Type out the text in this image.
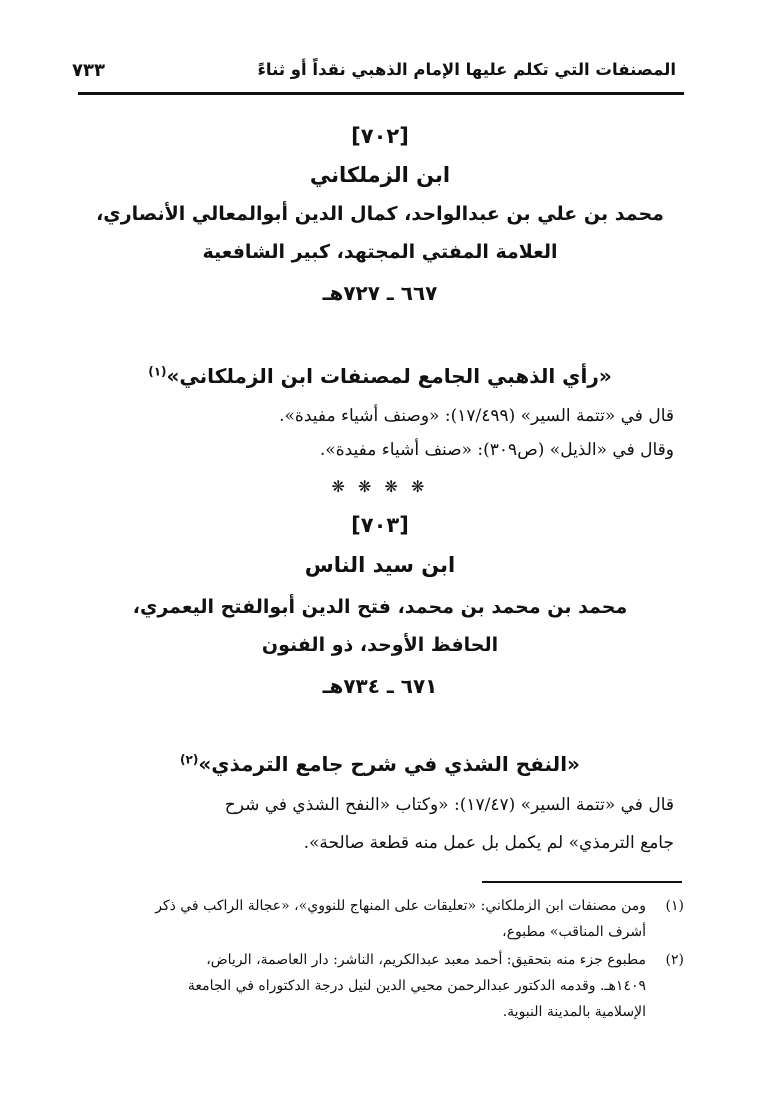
المصنفات التي تكلم عليها الإمام الذهبي نقداً أو ثناءً
٧٣٣
[٧٠٢]
ابن الزملكاني
محمد بن علي بن عبدالواحد، كمال الدين أبوالمعالي الأنصاري،
العلامة المفتي المجتهد، كبير الشافعية
٦٦٧ ـ ٧٢٧هـ
«رأي الذهبي الجامع لمصنفات ابن الزملكاني»$^{(١)}$
قال في «تتمة السير» (١٧/٤٩٩): «وصنف أشياء مفيدة».
وقال في «الذيل» (ص٣٠٩): «صنف أشياء مفيدة».
❋ ❋ ❋ ❋
[٧٠٣]
ابن سيد الناس
محمد بن محمد بن محمد، فتح الدين أبوالفتح اليعمري،
الحافظ الأوحد، ذو الفنون
٦٧١ ـ ٧٣٤هـ
«النفح الشذي في شرح جامع الترمذي»$^{(٢)}$
قال في «تتمة السير» (١٧/٤٧): «وكتاب «النفح الشذي في شرح
جامع الترمذي» لم يكمل بل عمل منه قطعة صالحة».
(١)
ومن مصنفات ابن الزملكاني: «تعليقات على المنهاج للنووي»، «عجالة الراكب في ذكر
أشرف المناقب» مطبوع،
(٢)
مطبوع جزء منه بتحقيق: أحمد معبد عبدالكريم، الناشر: دار العاصمة، الرياض،
١٤٠٩هـ. وقدمه الدكتور عبدالرحمن محيي الدين لنيل درجة الدكتوراه في الجامعة
الإسلامية بالمدينة النبوية.
